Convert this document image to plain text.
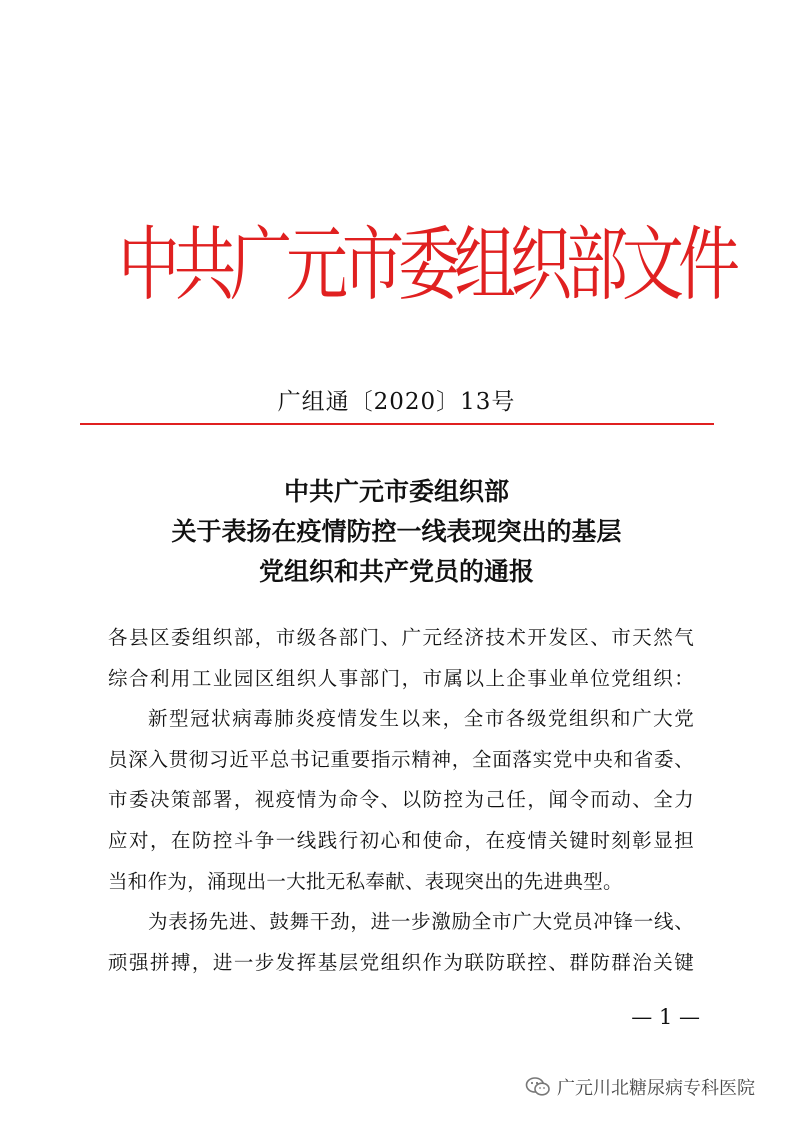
中共广元市委组织部文件
广组通〔2020〕13号
中共广元市委组织部
关于表扬在疫情防控一线表现突出的基层
党组织和共产党员的通报
各县区委组织部，市级各部门、广元经济技术开发区、市天然气
综合利用工业园区组织人事部门，市属以上企事业单位党组织：
新型冠状病毒肺炎疫情发生以来，全市各级党组织和广大党
员深入贯彻习近平总书记重要指示精神，全面落实党中央和省委、
市委决策部署，视疫情为命令、以防控为己任，闻令而动、全力
应对，在防控斗争一线践行初心和使命，在疫情关键时刻彰显担
当和作为，涌现出一大批无私奉献、表现突出的先进典型。
为表扬先进、鼓舞干劲，进一步激励全市广大党员冲锋一线、
顽强拼搏，进一步发挥基层党组织作为联防联控、群防群治关键
— 1 —
广元川北糖尿病专科医院
